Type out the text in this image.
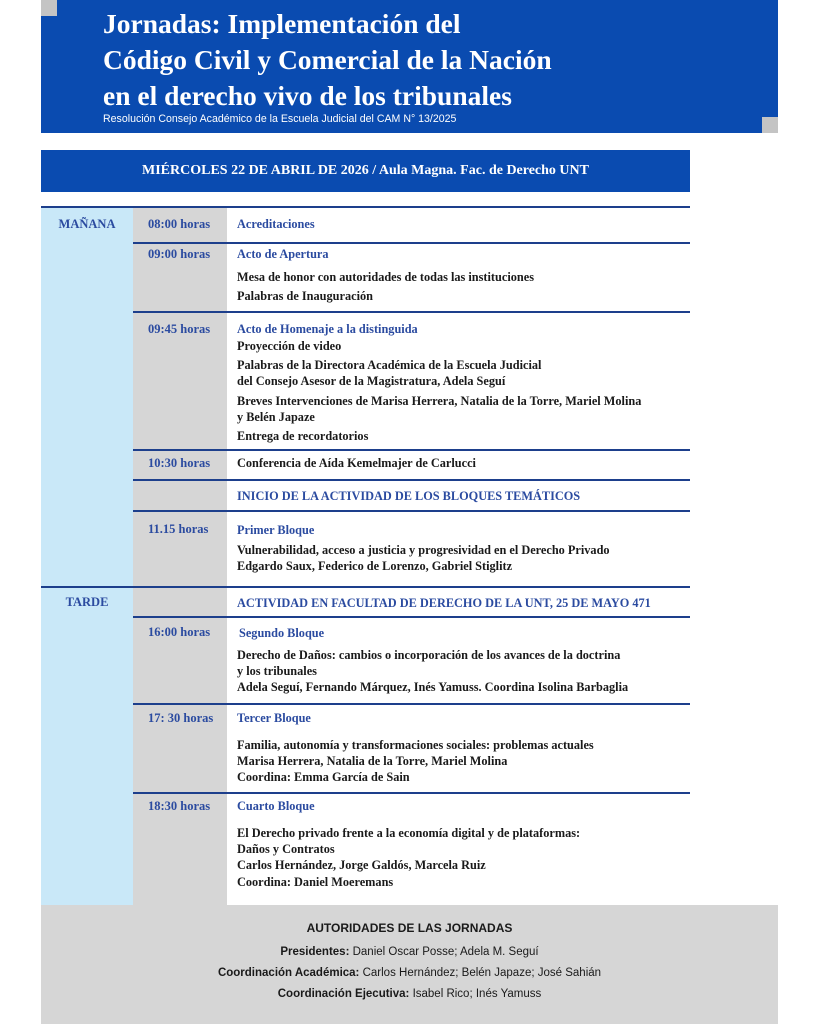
Jornadas: Implementación del
Código Civil y Comercial de la Nación
en el derecho vivo de los tribunales
Resolución Consejo Académico de la Escuela Judicial del CAM N° 13/2025
MIÉRCOLES 22 DE ABRIL DE 2026 / Aula Magna. Fac. de Derecho UNT
MAÑANA
TARDE
08:00 horas Acreditaciones
09:00 horas Acto de Apertura
Mesa de honor con autoridades de todas las instituciones
Palabras de Inauguración
09:45 horas Acto de Homenaje a la distinguida
Proyección de video
Palabras de la Directora Académica de la Escuela Judicial
del Consejo Asesor de la Magistratura, Adela Seguí
Breves Intervenciones de Marisa Herrera, Natalia de la Torre, Mariel Molina
y Belén Japaze
Entrega de recordatorios
10:30 horas Conferencia de Aída Kemelmajer de Carlucci
INICIO DE LA ACTIVIDAD DE LOS BLOQUES TEMÁTICOS
11.15 horas Primer Bloque
Vulnerabilidad, acceso a justicia y progresividad en el Derecho Privado
Edgardo Saux, Federico de Lorenzo, Gabriel Stiglitz
ACTIVIDAD EN FACULTAD DE DERECHO DE LA UNT, 25 DE MAYO 471
16:00 horas Segundo Bloque
Derecho de Daños: cambios o incorporación de los avances de la doctrina
y los tribunales
Adela Seguí, Fernando Márquez, Inés Yamuss. Coordina Isolina Barbaglia
17: 30 horas Tercer Bloque
Familia, autonomía y transformaciones sociales: problemas actuales
Marisa Herrera, Natalia de la Torre, Mariel Molina
Coordina: Emma García de Sain
18:30 horas Cuarto Bloque
El Derecho privado frente a la economía digital y de plataformas:
Daños y Contratos
Carlos Hernández, Jorge Galdós, Marcela Ruiz
Coordina: Daniel Moeremans
AUTORIDADES DE LAS JORNADAS
Presidentes: Daniel Oscar Posse; Adela M. Seguí
Coordinación Académica: Carlos Hernández; Belén Japaze; José Sahián
Coordinación Ejecutiva: Isabel Rico; Inés Yamuss
